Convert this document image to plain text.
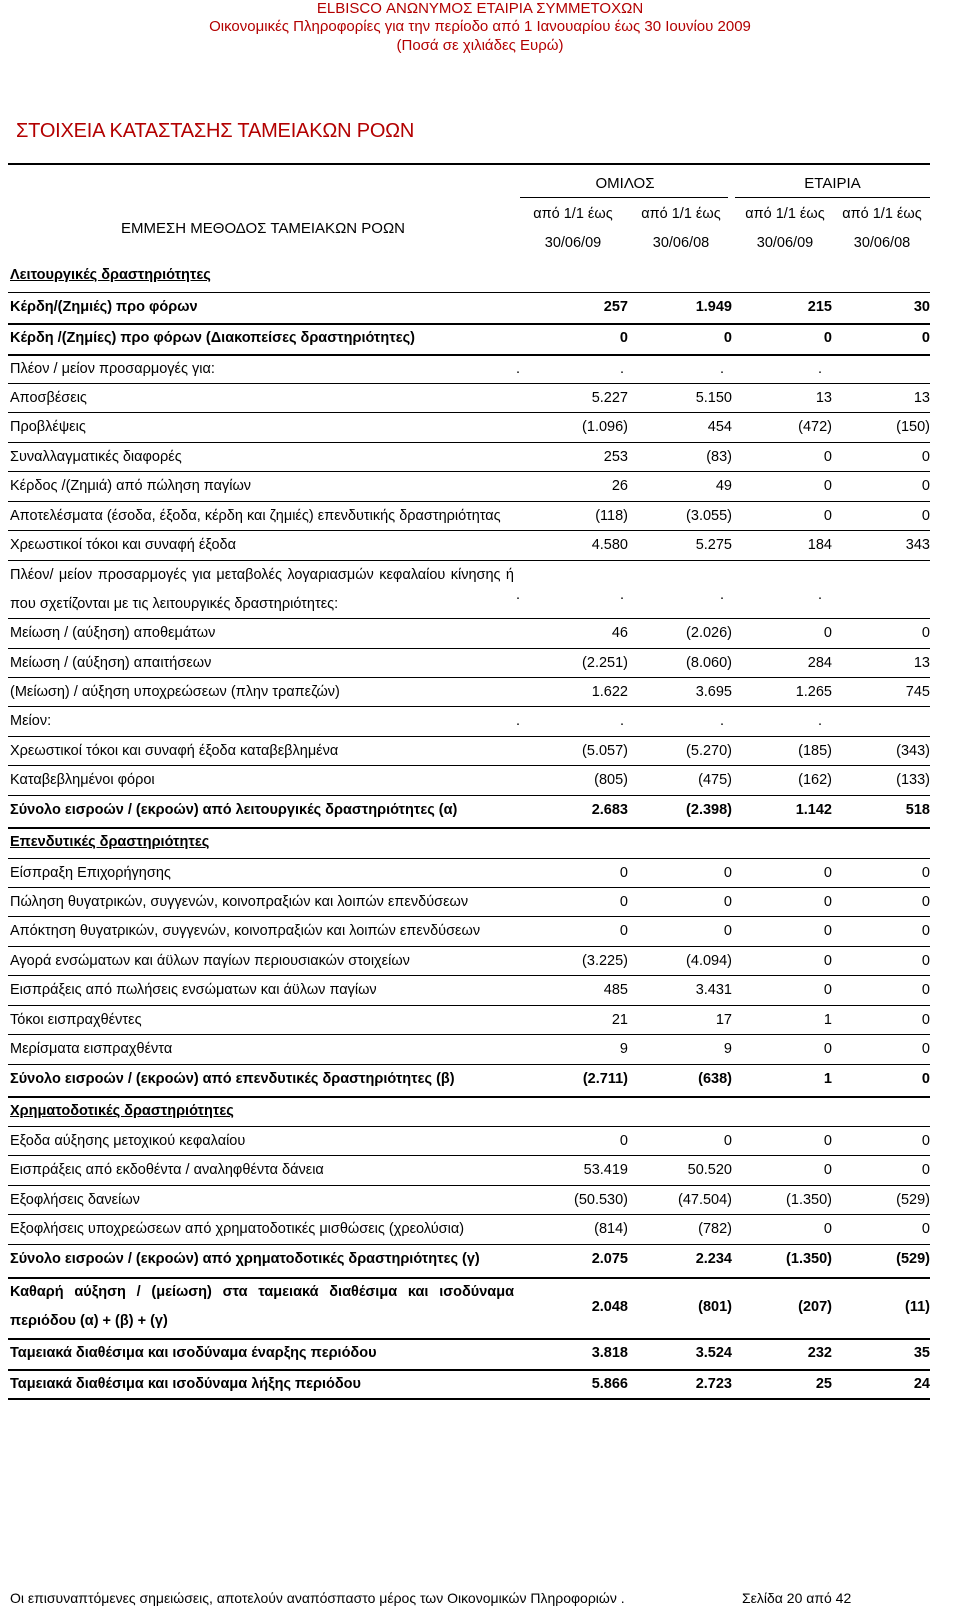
ELBISCO ΑΝΩΝΥΜΟΣ ΕΤΑΙΡΙΑ ΣΥΜΜΕΤΟΧΩΝ
Οικονομικές Πληροφορίες για την περίοδο από 1 Ιανουαρίου έως 30 Ιουνίου 2009
(Ποσά σε χιλιάδες Ευρώ)
ΣΤΟΙΧΕΙΑ ΚΑΤΑΣΤΑΣΗΣ ΤΑΜΕΙΑΚΩΝ ΡΟΩΝ
ΟΜΙΛΟΣ	ΕΤΑΙΡΙΑ
ΕΜΜΕΣΗ ΜΕΘΟΔΟΣ ΤΑΜΕΙΑΚΩΝ ΡΟΩΝ
από 1/1 έως
30/06/09
από 1/1 έως
30/06/08
από 1/1 έως
30/06/09
από 1/1 έως
30/06/08
Λειτουργικές δραστηριότητες
Κέρδη/(Ζημιές) προ φόρων	257	1.949	215	30
Κέρδη /(Ζημίες) προ φόρων (Διακοπείσες δραστηριότητες)	0	0	0	0
Πλέον / μείον προσαρμογές για:	.	.	.	.
Αποσβέσεις	5.227	5.150	13	13
Προβλέψεις	(1.096)	454	(472)	(150)
Συναλλαγματικές διαφορές	253	(83)	0	0
Κέρδος /(Ζημιά) από πώληση παγίων	26	49	0	0
Αποτελέσματα (έσοδα, έξοδα, κέρδη και ζημιές) επενδυτικής δραστηριότητας	(118)	(3.055)	0	0
Χρεωστικοί τόκοι και συναφή έξοδα	4.580	5.275	184	343
Πλέον/ μείον προσαρμογές για μεταβολές λογαριασμών κεφαλαίου κίνησης ή
που σχετίζονται με τις λειτουργικές δραστηριότητες:
.	.	.	.
Μείωση / (αύξηση) αποθεμάτων	46	(2.026)	0	0
Μείωση / (αύξηση) απαιτήσεων	(2.251)	(8.060)	284	13
(Μείωση) / αύξηση υποχρεώσεων (πλην τραπεζών)	1.622	3.695	1.265	745
Μείον:	.	.	.	.
Χρεωστικοί τόκοι και συναφή έξοδα καταβεβλημένα	(5.057)	(5.270)	(185)	(343)
Καταβεβλημένοι φόροι	(805)	(475)	(162)	(133)
Σύνολο εισροών / (εκροών) από λειτουργικές δραστηριότητες (α)	2.683	(2.398)	1.142	518
Επενδυτικές δραστηριότητες
Είσπραξη Επιχορήγησης	0	0	0	0
Πώληση θυγατρικών, συγγενών, κοινοπραξιών και λοιπών επενδύσεων	0	0	0	0
Απόκτηση θυγατρικών, συγγενών, κοινοπραξιών και λοιπών επενδύσεων	0	0	0	0
Αγορά ενσώματων και άϋλων παγίων περιουσιακών στοιχείων	(3.225)	(4.094)	0	0
Εισπράξεις από πωλήσεις ενσώματων και άϋλων παγίων	485	3.431	0	0
Τόκοι εισπραχθέντες	21	17	1	0
Μερίσματα εισπραχθέντα	9	9	0	0
Σύνολο εισροών / (εκροών) από επενδυτικές δραστηριότητες (β)	(2.711)	(638)	1	0
Χρηματοδοτικές δραστηριότητες
Εξοδα αύξησης μετοχικού κεφαλαίου	0	0	0	0
Εισπράξεις από εκδοθέντα / αναληφθέντα δάνεια	53.419	50.520	0	0
Εξοφλήσεις δανείων	(50.530)	(47.504)	(1.350)	(529)
Εξοφλήσεις υποχρεώσεων από χρηματοδοτικές μισθώσεις (χρεολύσια)	(814)	(782)	0	0
Σύνολο εισροών / (εκροών) από χρηματοδοτικές δραστηριότητες (γ)	2.075	2.234	(1.350)	(529)
Καθαρή αύξηση / (μείωση) στα ταμειακά διαθέσιμα και ισοδύναμα
περιόδου (α) + (β) + (γ)
2.048	(801)	(207)	(11)
Ταμειακά διαθέσιμα και ισοδύναμα έναρξης περιόδου	3.818	3.524	232	35
Ταμειακά διαθέσιμα και ισοδύναμα λήξης περιόδου	5.866	2.723	25	24
Οι επισυναπτόμενες σημειώσεις, αποτελούν αναπόσπαστο μέρος των Οικονομικών Πληροφοριών .	Σελίδα 20 από 42
